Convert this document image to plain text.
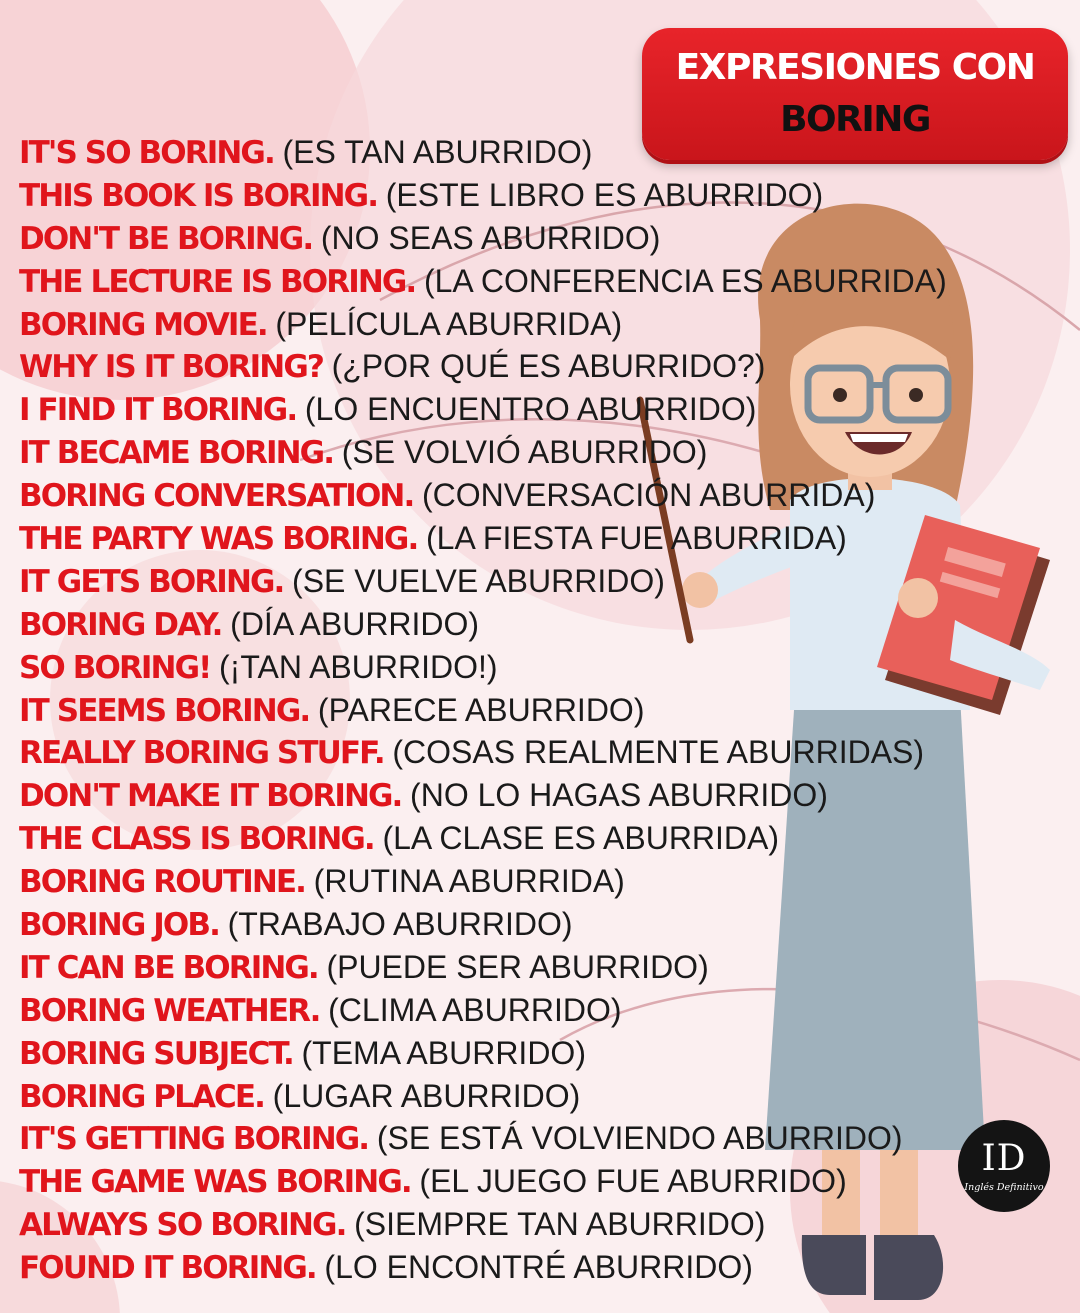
EXPRESIONES CON
BORING
IT'S SO BORING. (ES TAN ABURRIDO)
THIS BOOK IS BORING. (ESTE LIBRO ES ABURRIDO)
DON'T BE BORING. (NO SEAS ABURRIDO)
THE LECTURE IS BORING. (LA CONFERENCIA ES ABURRIDA)
BORING MOVIE. (PELÍCULA ABURRIDA)
WHY IS IT BORING? (¿POR QUÉ ES ABURRIDO?)
I FIND IT BORING. (LO ENCUENTRO ABURRIDO)
IT BECAME BORING. (SE VOLVIÓ ABURRIDO)
BORING CONVERSATION. (CONVERSACIÓN ABURRIDA)
THE PARTY WAS BORING. (LA FIESTA FUE ABURRIDA)
IT GETS BORING. (SE VUELVE ABURRIDO)
BORING DAY. (DÍA ABURRIDO)
SO BORING! (¡TAN ABURRIDO!)
IT SEEMS BORING. (PARECE ABURRIDO)
REALLY BORING STUFF. (COSAS REALMENTE ABURRIDAS)
DON'T MAKE IT BORING. (NO LO HAGAS ABURRIDO)
THE CLASS IS BORING. (LA CLASE ES ABURRIDA)
BORING ROUTINE. (RUTINA ABURRIDA)
BORING JOB. (TRABAJO ABURRIDO)
IT CAN BE BORING. (PUEDE SER ABURRIDO)
BORING WEATHER. (CLIMA ABURRIDO)
BORING SUBJECT. (TEMA ABURRIDO)
BORING PLACE. (LUGAR ABURRIDO)
IT'S GETTING BORING. (SE ESTÁ VOLVIENDO ABURRIDO)
THE GAME WAS BORING. (EL JUEGO FUE ABURRIDO)
ALWAYS SO BORING. (SIEMPRE TAN ABURRIDO)
FOUND IT BORING. (LO ENCONTRÉ ABURRIDO)
ID
Inglés Definitivo
